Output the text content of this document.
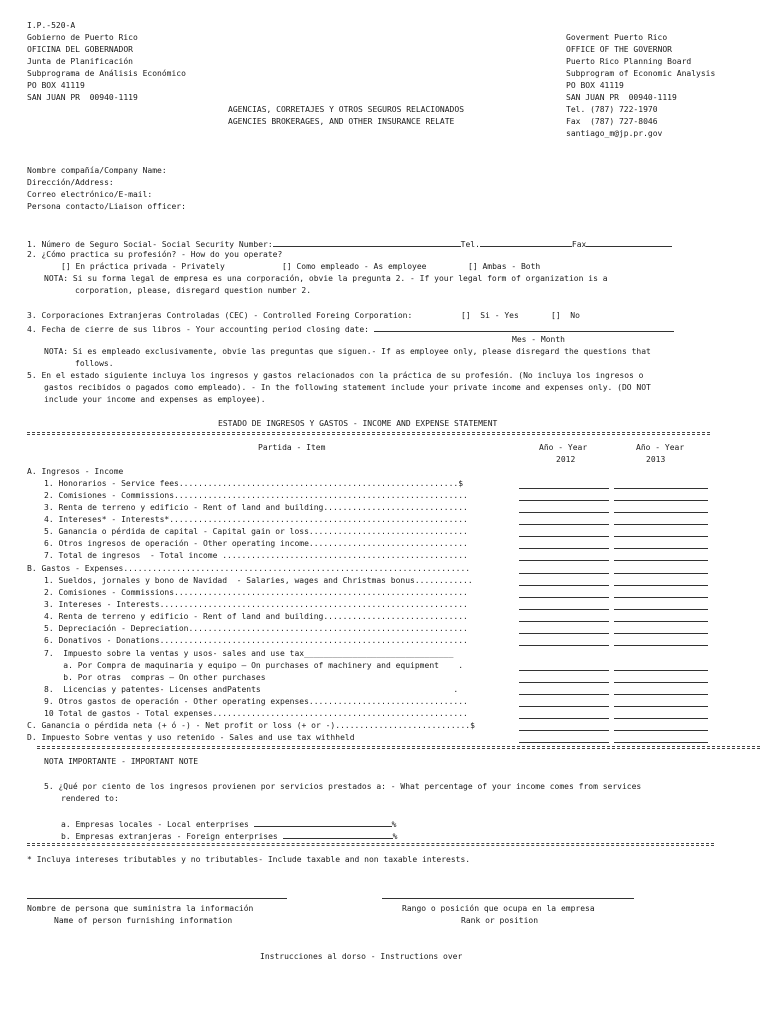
I.P.-520-A
Gobierno de Puerto Rico
OFICINA DEL GOBERNADOR
Junta de Planificación
Subprograma de Análisis Económico
PO BOX 41119
SAN JUAN PR  00940-1119
Goverment Puerto Rico
OFFICE OF THE GOVERNOR
Puerto Rico Planning Board
Subprogram of Economic Analysis
PO BOX 41119
SAN JUAN PR  00940-1119
Tel. (787) 722-1970
Fax  (787) 727-8046
santiago_m@jp.pr.gov
AGENCIAS, CORRETAJES Y OTROS SEGUROS RELACIONADOS
AGENCIES BROKERAGES, AND OTHER INSURANCE RELATE
Nombre compañía/Company Name:
Dirección/Address:
Correo electrónico/E-mail:
Persona contacto/Liaison officer:
1. Número de Seguro Social- Social Security Number:	Tel.	Fax
2. ¿Cómo practica su profesión? - How do you operate?
[] En práctica privada - Privately	[] Como empleado - As employee	[] Ambas - Both
NOTA: Si su forma legal de empresa es una corporación, obvie la pregunta 2. - If your legal form of organization is a
corporation, please, disregard question number 2.
3. Corporaciones Extranjeras Controladas (CEC) - Controlled Foreing Corporation:	[]  Si - Yes	[]  No
4. Fecha de cierre de sus libros - Your accounting period closing date:
Mes - Month
NOTA: Si es empleado exclusivamente, obvie las preguntas que siguen.- If as employee only, please disregard the questions that
follows.
5. En el estado siguiente incluya los ingresos y gastos relacionados con la práctica de su profesión. (No incluya los ingresos o
gastos recibidos o pagados como empleado). - In the following statement include your private income and expenses only. (DO NOT
include your income and expenses as employee).
ESTADO DE INGRESOS Y GASTOS - INCOME AND EXPENSE STATEMENT
Partida - Item	Año - Year	Año - Year
2012	2013
A. Ingresos - Income
1. Honorarios - Service fees..........................................................$
2. Comisiones - Commissions.............................................................
3. Renta de terreno y edificio - Rent of land and building..............................
4. Intereses* - Interests*..............................................................
5. Ganancia o pérdida de capital - Capital gain or loss.................................
6. Otros ingresos de operación - Other operating income.................................
7. Total de ingresos  - Total income ...................................................
B. Gastos - Expenses........................................................................
1. Sueldos, jornales y bono de Navidad  - Salaries, wages and Christmas bonus............
2. Comisiones - Commissions.............................................................
3. Intereses - Interests................................................................
4. Renta de terreno y edificio - Rent of land and building..............................
5. Depreciación - Depreciation..........................................................
6. Donativos - Donations................................................................
7.  Impuesto sobre la ventas y usos- sales and use tax_______________________________
a. Por Compra de maquinaria y equipo – On purchases of machinery and equipment    .
b. Por otras  compras – On other purchases
8.  Licencias y patentes- Licenses andPatents                                        .
9. Otros gastos de operación - Other operating expenses.................................
10 Total de gastos - Total expenses.....................................................
C. Ganancia o pérdida neta (+ ó -) - Net profit or loss (+ or -)............................$
D. Impuesto Sobre ventas y uso retenido - Sales and use tax withheld
NOTA IMPORTANTE - IMPORTANT NOTE
5. ¿Qué por ciento de los ingresos provienen por servicios prestados a: - What percentage of your income comes from services
rendered to:
a. Empresas locales - Local enterprises	%
b. Empresas extranjeras - Foreign enterprises	%
* Incluya intereses tributables y no tributables- Include taxable and non taxable interests.
Nombre de persona que suministra la información
Name of person furnishing information
Rango o posición que ocupa en la empresa
Rank or position
Instrucciones al dorso - Instructions over
